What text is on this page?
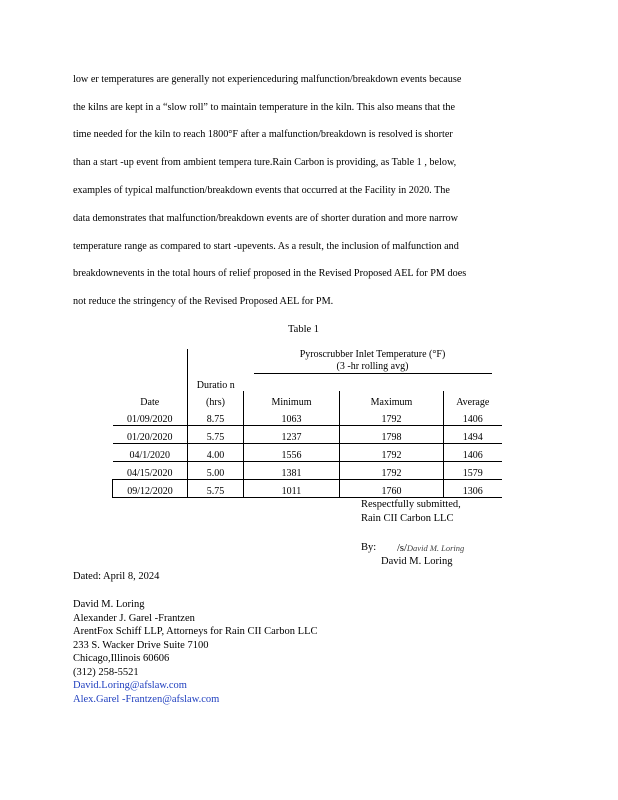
low er temperatures are generally not experienceduring malfunction/breakdown events because
the kilns are kept in a “slow roll” to maintain temperature in the kiln. This also means that the
time needed for the kiln to reach 1800°F after a malfunction/breakdown is resolved is shorter
than a start -up event from ambient tempera ture.Rain Carbon is providing, as Table 1 , below,
examples of typical malfunction/breakdown events that occurred at the Facility in 2020. The
data demonstrates that malfunction/breakdown events are of shorter duration and more narrow
temperature range as compared to start -upevents. As a result, the inclusion of malfunction and
breakdownevents in the total hours of relief proposed in the Revised Proposed AEL for PM does
not reduce the stringency of the Revised Proposed AEL for PM.
Table 1

		Pyroscrubber Inlet Temperature (°F)
(3 -hr rolling avg)		

	Duratio n			
Date	(hrs)	Minimum	Maximum	Average
01/09/2020	8.75	1063	1792	1406
01/20/2020	5.75	1237	1798	1494
04/1/2020	4.00	1556	1792	1406
04/15/2020	5.00	1381	1792	1579
09/12/2020	5.75	1011	1760	1306
Respectfully submitted,
Rain CII Carbon LLC
By: /s/David M. Loring
David M. Loring
Dated: April 8, 2024
David M. Loring
Alexander J. Garel -Frantzen
ArentFox Schiff LLP, Attorneys for Rain CII Carbon LLC
233 S. Wacker Drive Suite 7100
Chicago,Illinois 60606
(312) 258-5521
David.Loring@afslaw.com
Alex.Garel -Frantzen@afslaw.com
